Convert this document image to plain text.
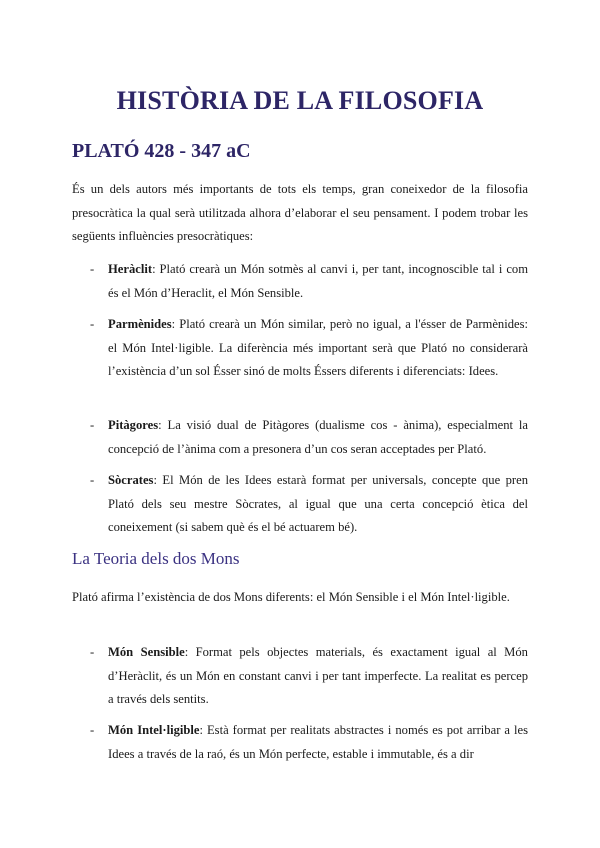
HISTÒRIA DE LA FILOSOFIA
PLATÓ 428 - 347 aC

És un dels autors més importants de tots els temps, gran coneixedor de la filosofia presocràtica la qual serà utilitzada alhora d’elaborar el seu pensament. I podem trobar les següents influències presocràtiques:

- Heràclit: Plató crearà un Món sotmès al canvi i, per tant, incognoscible tal i com és el Món d’Heraclit, el Món Sensible.
- Parmènides: Plató crearà un Món similar, però no igual, a l'ésser de Parmènides: el Món Intel·ligible. La diferència més important serà que Plató no considerarà l’existència d’un sol Ésser sinó de molts Éssers diferents i diferenciats: Idees.
- Pitàgores: La visió dual de Pitàgores (dualisme cos - ànima), especialment la concepció de l’ànima com a presonera d’un cos seran acceptades per Plató.
- Sòcrates: El Món de les Idees estarà format per universals, concepte que pren Plató dels seu mestre Sòcrates, al igual que una certa concepció ètica del coneixement (si sabem què és el bé actuarem bé).
La Teoria dels dos Mons

Plató afirma l’existència de dos Mons diferents: el Món Sensible i el Món Intel·ligible.

- Món Sensible: Format pels objectes materials, és exactament igual al Món d’Heràclit, és un Món en constant canvi i per tant imperfecte. La realitat es percep a través dels sentits.
- Món Intel·ligible: Està format per realitats abstractes i només es pot arribar a les Idees a través de la raó, és un Món perfecte, estable i immutable, és a dir
